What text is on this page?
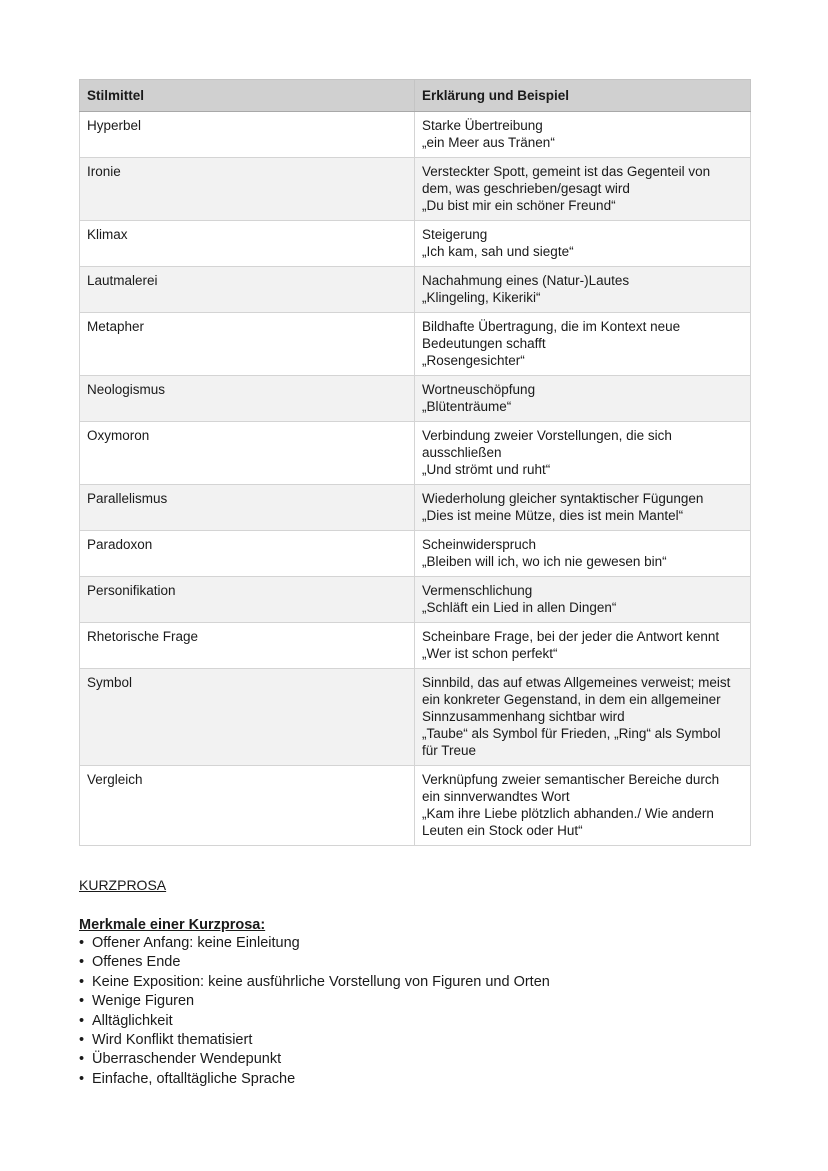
Stilmittel	Erklärung und Beispiel
Hyperbel	Starke Übertreibung
„ein Meer aus Tränen“

Ironie	Versteckter Spott, gemeint ist das Gegenteil von
dem, was geschrieben/gesagt wird
„Du bist mir ein schöner Freund“

Klimax	Steigerung
„Ich kam, sah und siegte“

Lautmalerei	Nachahmung eines (Natur-)Lautes
„Klingeling, Kikeriki“

Metapher	Bildhafte Übertragung, die im Kontext neue
Bedeutungen schafft
„Rosengesichter“

Neologismus	Wortneuschöpfung
„Blütenträume“

Oxymoron	Verbindung zweier Vorstellungen, die sich
ausschließen
„Und strömt und ruht“

Parallelismus	Wiederholung gleicher syntaktischer Fügungen
„Dies ist meine Mütze, dies ist mein Mantel“

Paradoxon	Scheinwiderspruch
„Bleiben will ich, wo ich nie gewesen bin“

Personifikation	Vermenschlichung
„Schläft ein Lied in allen Dingen“

Rhetorische Frage	Scheinbare Frage, bei der jeder die Antwort kennt
„Wer ist schon perfekt“

Symbol	Sinnbild, das auf etwas Allgemeines verweist; meist
ein konkreter Gegenstand, in dem ein allgemeiner
Sinnzusammenhang sichtbar wird
„Taube“ als Symbol für Frieden, „Ring“ als Symbol
für Treue

Vergleich	Verknüpfung zweier semantischer Bereiche durch
ein sinnverwandtes Wort
„Kam ihre Liebe plötzlich abhanden./ Wie andern
Leuten ein Stock oder Hut“

KURZPROSA

Merkmale einer Kurzprosa:

• Offener Anfang: keine Einleitung
• Offenes Ende
• Keine Exposition: keine ausführliche Vorstellung von Figuren und Orten
• Wenige Figuren
• Alltäglichkeit
• Wird Konflikt thematisiert
• Überraschender Wendepunkt
• Einfache, oftalltägliche Sprache
